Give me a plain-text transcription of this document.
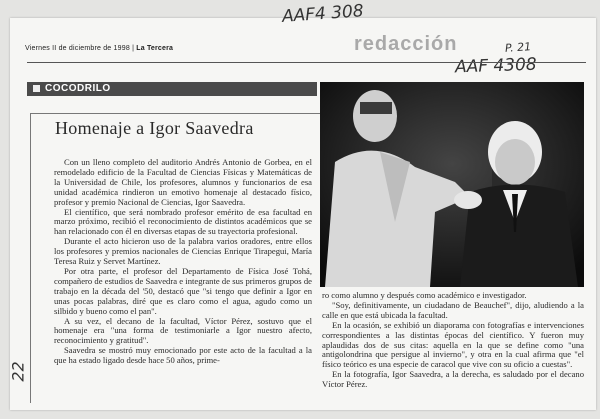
Viernes II de diciembre de 1998 | La Tercera	redacción
AAF4 308
P. 21
AAF 4308
22
COCODRILO
Homenaje a Igor Saavedra

Con un lleno completo del auditorio Andrés Antonio de Gorbea, en el remodelado edificio de la Facultad de Ciencias Físicas y Matemáticas de la Universidad de Chile, los profesores, alumnos y funcionarios de esa unidad académica rindieron un emotivo homenaje al destacado físico, profesor y premio Nacional de Ciencias, Igor Saavedra.

El científico, que será nombrado profesor emérito de esa facultad en marzo próximo, recibió el reconocimiento de distintos académicos que se han relacionado con él en diversas etapas de su trayectoria profesional.

Durante el acto hicieron uso de la palabra varios oradores, entre ellos los profesores y premios nacionales de Ciencias Enrique Tirapegui, María Teresa Ruiz y Servet Martínez.

Por otra parte, el profesor del Departamento de Física José Tohá, compañero de estudios de Saavedra e integrante de sus primeros grupos de trabajo en la década del '50, destacó que "si tengo que definir a Igor en unas pocas palabras, diré que es claro como el agua, agudo como un silbido y bueno como el pan".

A su vez, el decano de la facultad, Víctor Pérez, sostuvo que el homenaje era "una forma de testimoniarle a Igor nuestro afecto, reconocimiento y gratitud".

Saavedra se mostró muy emocionado por este acto de la facultad a la que ha estado ligado desde hace 50 años, prime-

ro como alumno y después como académico e investigador.

"Soy, definitivamente, un ciudadano de Beauchef", dijo, aludiendo a la calle en que está ubicada la facultad.

En la ocasión, se exhibió un diaporama con fotografías e intervenciones correspondientes a las distintas épocas del científico. Y fueron muy aplaudidas dos de sus citas: aquella en la que se define como "una antigolondrina que persigue al invierno", y otra en la cual afirma que "el físico teórico es una especie de caracol que vive con su oficio a cuestas".

En la fotografía, Igor Saavedra, a la derecha, es saludado por el decano Víctor Pérez.
